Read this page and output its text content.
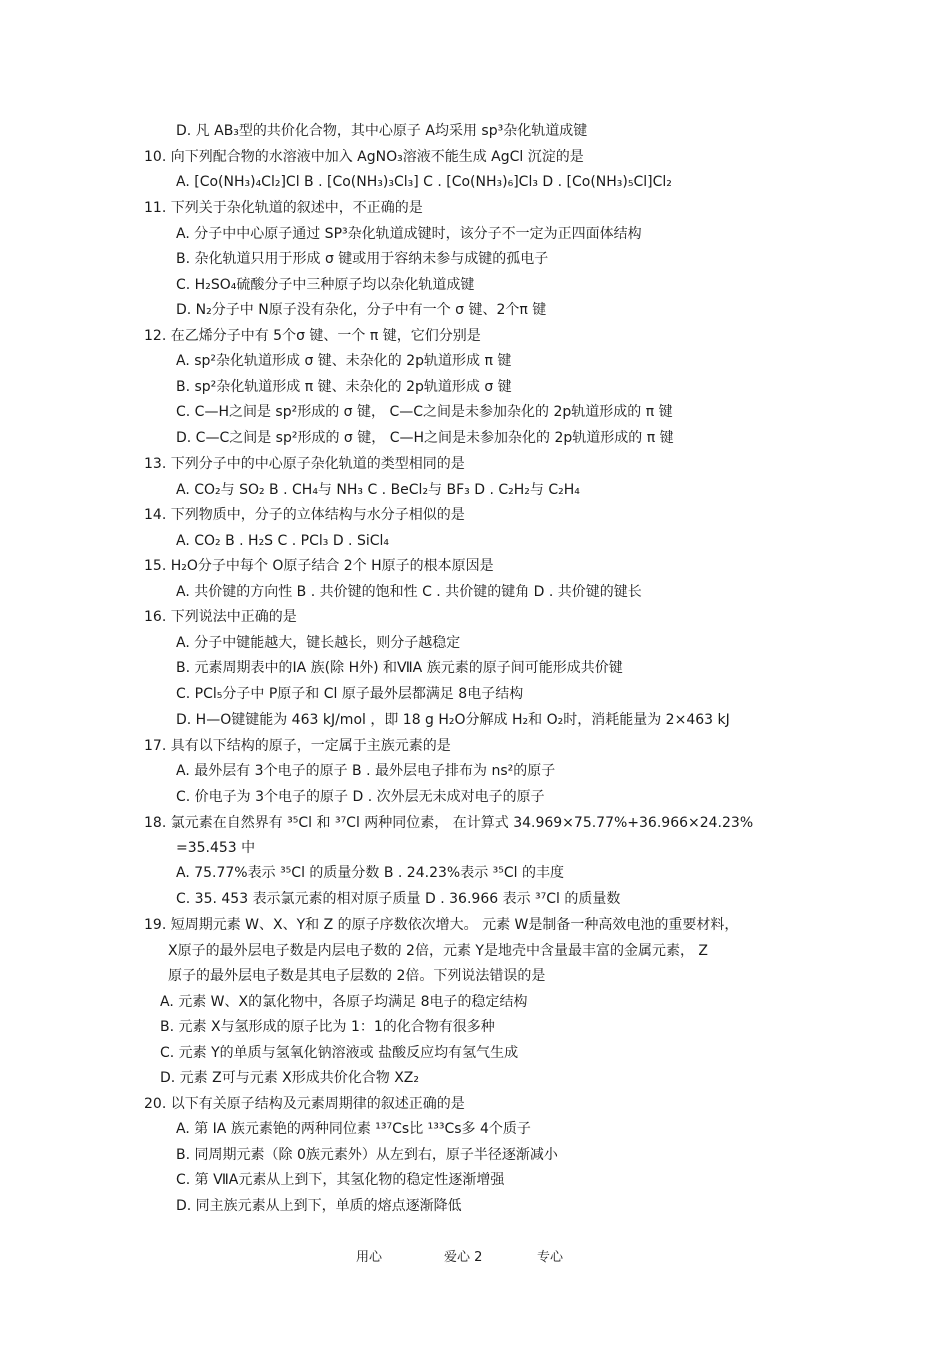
D. 凡 AB₃型的共价化合物，其中心原子 A均采用 sp³杂化轨道成键
10. 向下列配合物的水溶液中加入 AgNO₃溶液不能生成 AgCl 沉淀的是
A. [Co(NH₃)₄Cl₂]Cl B . [Co(NH₃)₃Cl₃] C . [Co(NH₃)₆]Cl₃ D . [Co(NH₃)₅Cl]Cl₂
11. 下列关于杂化轨道的叙述中，不正确的是
A. 分子中中心原子通过 SP³杂化轨道成键时，该分子不一定为正四面体结构
B. 杂化轨道只用于形成 σ 键或用于容纳未参与成键的孤电子
C. H₂SO₄硫酸分子中三种原子均以杂化轨道成键
D. N₂分子中 N原子没有杂化，分子中有一个 σ 键、2个π 键
12. 在乙烯分子中有 5个σ 键、一个 π 键，它们分别是
A. sp²杂化轨道形成 σ 键、未杂化的 2p轨道形成 π 键
B. sp²杂化轨道形成 π 键、未杂化的 2p轨道形成 σ 键
C. C—H之间是 sp²形成的 σ 键， C—C之间是未参加杂化的 2p轨道形成的 π 键
D. C—C之间是 sp²形成的 σ 键， C—H之间是未参加杂化的 2p轨道形成的 π 键
13. 下列分子中的中心原子杂化轨道的类型相同的是
A. CO₂与 SO₂ B . CH₄与 NH₃ C . BeCl₂与 BF₃ D . C₂H₂与 C₂H₄
14. 下列物质中，分子的立体结构与水分子相似的是
A. CO₂ B . H₂S C . PCl₃ D . SiCl₄
15. H₂O分子中每个 O原子结合 2个 H原子的根本原因是
A. 共价键的方向性 B . 共价键的饱和性 C . 共价键的键角 D . 共价键的键长
16. 下列说法中正确的是
A. 分子中键能越大，键长越长，则分子越稳定
B. 元素周期表中的ⅠA 族(除 H外) 和ⅦA 族元素的原子间可能形成共价键
C. PCl₅分子中 P原子和 Cl 原子最外层都满足 8电子结构
D. H—O键键能为 463 kJ/mol ，即 18 g H₂O分解成 H₂和 O₂时，消耗能量为 2×463 kJ
17. 具有以下结构的原子，一定属于主族元素的是
A. 最外层有 3个电子的原子 B . 最外层电子排布为 ns²的原子
C. 价电子为 3个电子的原子 D . 次外层无未成对电子的原子
18. 氯元素在自然界有 ³⁵Cl 和 ³⁷Cl 两种同位素， 在计算式 34.969×75.77%+36.966×24.23%
=35.453 中
A. 75.77%表示 ³⁵Cl 的质量分数 B . 24.23%表示 ³⁵Cl 的丰度
C. 35. 453 表示氯元素的相对原子质量 D . 36.966 表示 ³⁷Cl 的质量数
19. 短周期元素 W、X、Y和 Z 的原子序数依次增大。 元素 W是制备一种高效电池的重要材料，
X原子的最外层电子数是内层电子数的 2倍，元素 Y是地壳中含量最丰富的金属元素， Z
原子的最外层电子数是其电子层数的 2倍。下列说法错误的是
A. 元素 W、X的氯化物中，各原子均满足 8电子的稳定结构
B. 元素 X与氢形成的原子比为 1：1的化合物有很多种
C. 元素 Y的单质与氢氧化钠溶液或 盐酸反应均有氢气生成
D. 元素 Z可与元素 X形成共价化合物 XZ₂
20. 以下有关原子结构及元素周期律的叙述正确的是
A. 第 IA 族元素铯的两种同位素 ¹³⁷Cs比 ¹³³Cs多 4个质子
B. 同周期元素（除 0族元素外）从左到右，原子半径逐渐减小
C. 第 ⅦA元素从上到下，其氢化物的稳定性逐渐增强
D. 同主族元素从上到下，单质的熔点逐渐降低
用心	爱心 2	专心
